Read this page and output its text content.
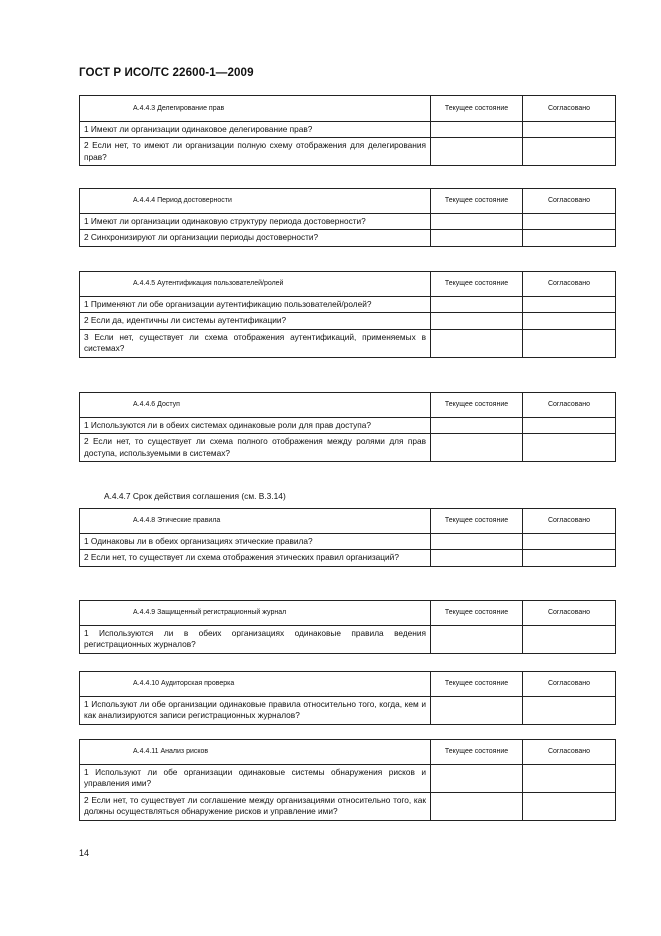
ГОСТ Р ИСО/ТС 22600-1—2009
А.4.4.3 Делегирование прав	Текущее состояние	Согласовано
1 Имеют ли организации одинаковое делегирование прав?		
2 Если нет, то имеют ли организации полную схему отображения для делегирования прав?		
А.4.4.4 Период достоверности	Текущее состояние	Согласовано
1 Имеют ли организации одинаковую структуру периода достоверности?		
2 Синхронизируют ли организации периоды достоверности?		
А.4.4.5 Аутентификация пользователей/ролей	Текущее состояние	Согласовано
1 Применяют ли обе организации аутентификацию пользователей/ролей?		
2 Если да, идентичны ли системы аутентификации?		
3 Если нет, существует ли схема отображения аутентификаций, применяемых в системах?		
А.4.4.6 Доступ	Текущее состояние	Согласовано
1 Используются ли в обеих системах одинаковые роли для прав доступа?		
2 Если нет, то существует ли схема полного отображения между ролями для прав доступа, используемыми в системах?		
А.4.4.7 Срок действия соглашения (см. В.3.14)
А.4.4.8 Этические правила	Текущее состояние	Согласовано
1 Одинаковы ли в обеих организациях этические правила?		
2 Если нет, то существует ли схема отображения этических правил организаций?		
А.4.4.9 Защищенный регистрационный журнал	Текущее состояние	Согласовано
1 Используются ли в обеих организациях одинаковые правила ведения регистрационных журналов?		
А.4.4.10 Аудиторская проверка	Текущее состояние	Согласовано
1 Используют ли обе организации одинаковые правила относительно того, когда, кем и как анализируются записи регистрационных журналов?		
А.4.4.11 Анализ рисков	Текущее состояние	Согласовано
1 Используют ли обе организации одинаковые системы обнаружения рисков и управления ими?		
2 Если нет, то существует ли соглашение между организациями относительно того, как должны осуществляться обнаружение рисков и управление ими?		
14
